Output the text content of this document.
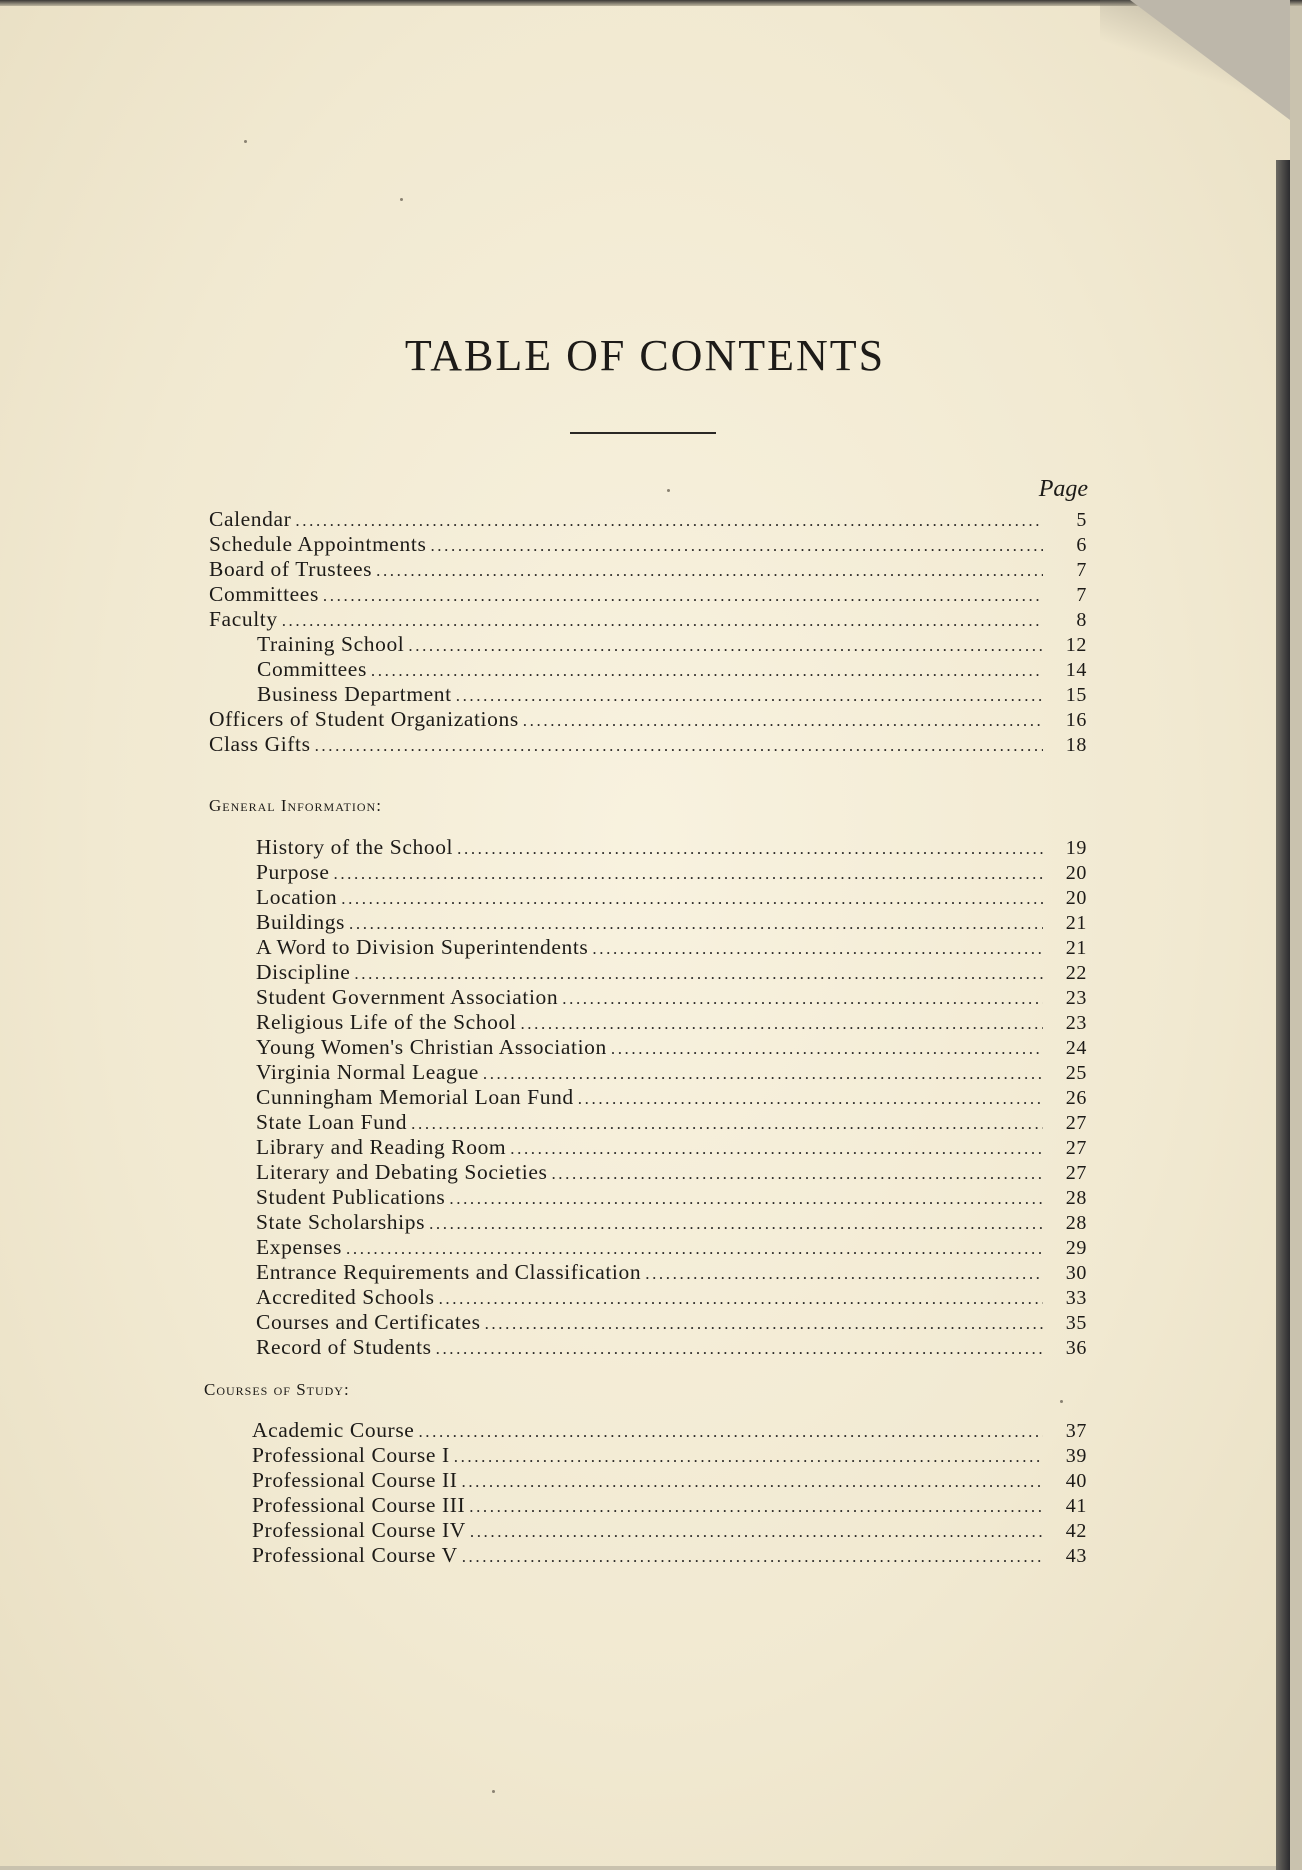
TABLE OF CONTENTS
Page
Calendar .....	5
Schedule Appointments .....	6
Board of Trustees .....	7
Committees .....	7
Faculty .....	8
Training School .....	12
Committees .....	14
Business Department .....	15
Officers of Student Organizations .....	16
Class Gifts .....	18
General Information:
History of the School .....	19
Purpose .....	20
Location .....	20
Buildings .....	21
A Word to Division Superintendents .....	21
Discipline .....	22
Student Government Association .....	23
Religious Life of the School .....	23
Young Women's Christian Association .....	24
Virginia Normal League .....	25
Cunningham Memorial Loan Fund .....	26
State Loan Fund .....	27
Library and Reading Room .....	27
Literary and Debating Societies .....	27
Student Publications .....	28
State Scholarships .....	28
Expenses .....	29
Entrance Requirements and Classification .....	30
Accredited Schools .....	33
Courses and Certificates .....	35
Record of Students .....	36
Courses of Study:
Academic Course .....	37
Professional Course I .....	39
Professional Course II .....	40
Professional Course III .....	41
Professional Course IV .....	42
Professional Course V .....	43
